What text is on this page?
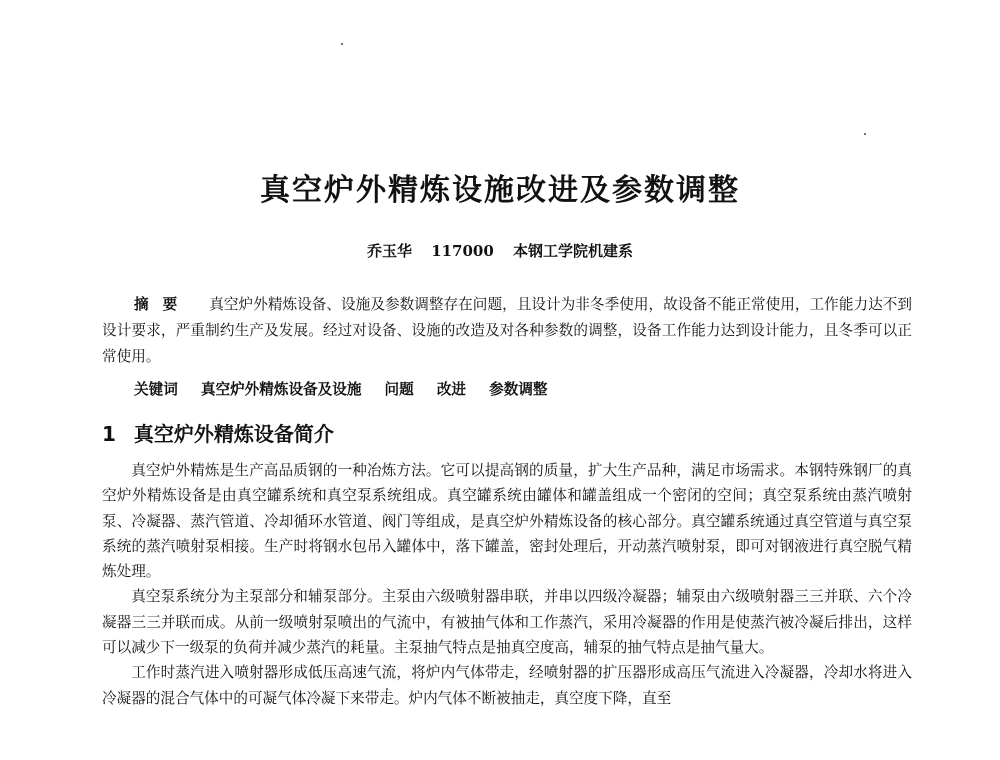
真空炉外精炼设施改进及参数调整
乔玉华 117000 本钢工学院机建系
摘要 真空炉外精炼设备、设施及参数调整存在问题，且设计为非冬季使用，故设备不能正常使用，工作能力达不到设计要求，严重制约生产及发展。经过对设备、设施的改造及对各种参数的调整，设备工作能力达到设计能力，且冬季可以正常使用。
关键词 真空炉外精炼设备及设施 问题 改进 参数调整
1 真空炉外精炼设备简介

真空炉外精炼是生产高品质钢的一种冶炼方法。它可以提高钢的质量，扩大生产品种，满足市场需求。本钢特殊钢厂的真空炉外精炼设备是由真空罐系统和真空泵系统组成。真空罐系统由罐体和罐盖组成一个密闭的空间；真空泵系统由蒸汽喷射泵、冷凝器、蒸汽管道、冷却循环水管道、阀门等组成，是真空炉外精炼设备的核心部分。真空罐系统通过真空管道与真空泵系统的蒸汽喷射泵相接。生产时将钢水包吊入罐体中，落下罐盖，密封处理后，开动蒸汽喷射泵，即可对钢液进行真空脱气精炼处理。

真空泵系统分为主泵部分和辅泵部分。主泵由六级喷射器串联，并串以四级冷凝器；辅泵由六级喷射器三三并联、六个冷凝器三三并联而成。从前一级喷射泵喷出的气流中，有被抽气体和工作蒸汽，采用冷凝器的作用是使蒸汽被冷凝后排出，这样可以减少下一级泵的负荷并减少蒸汽的耗量。主泵抽气特点是抽真空度高，辅泵的抽气特点是抽气量大。

工作时蒸汽进入喷射器形成低压高速气流，将炉内气体带走，经喷射器的扩压器形成高压气流进入冷凝器，冷却水将进入冷凝器的混合气体中的可凝气体冷凝下来带走。炉内气体不断被抽走，真空度下降，直至
